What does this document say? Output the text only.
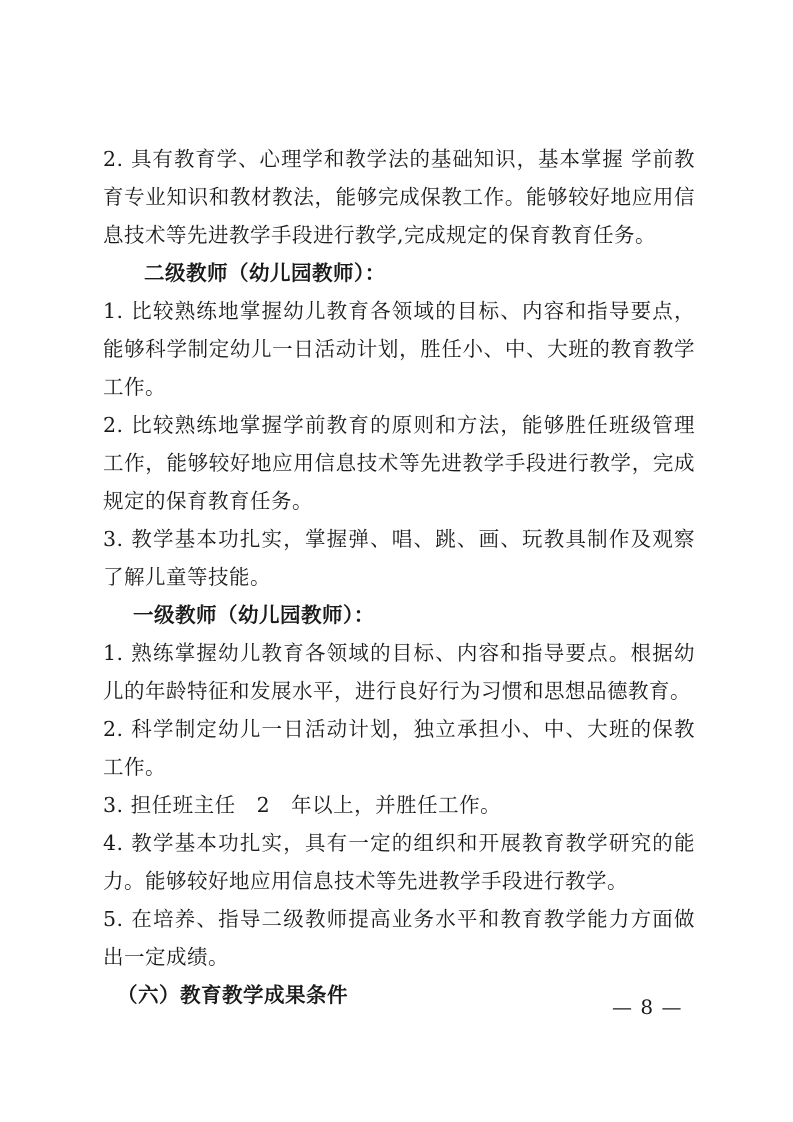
2. 具有教育学、心理学和教学法的基础知识，基本掌握 学前教育专业知识和教材教法，能够完成保教工作。能够较好地应用信息技术等先进教学手段进行教学,完成规定的保育教育任务。

二级教师（幼儿园教师）：

1. 比较熟练地掌握幼儿教育各领域的目标、内容和指导要点，能够科学制定幼儿一日活动计划，胜任小、中、大班的教育教学工作。

2. 比较熟练地掌握学前教育的原则和方法，能够胜任班级管理工作，能够较好地应用信息技术等先进教学手段进行教学，完成规定的保育教育任务。

3. 教学基本功扎实，掌握弹、唱、跳、画、玩教具制作及观察了解儿童等技能。

一级教师（幼儿园教师）：

1. 熟练掌握幼儿教育各领域的目标、内容和指导要点。根据幼儿的年龄特征和发展水平，进行良好行为习惯和思想品德教育。

2. 科学制定幼儿一日活动计划，独立承担小、中、大班的保教工作。

3. 担任班主任　2　年以上，并胜任工作。

4. 教学基本功扎实，具有一定的组织和开展教育教学研究的能力。能够较好地应用信息技术等先进教学手段进行教学。

5. 在培养、指导二级教师提高业务水平和教育教学能力方面做出一定成绩。

（六）教育教学成果条件	— 8 —
